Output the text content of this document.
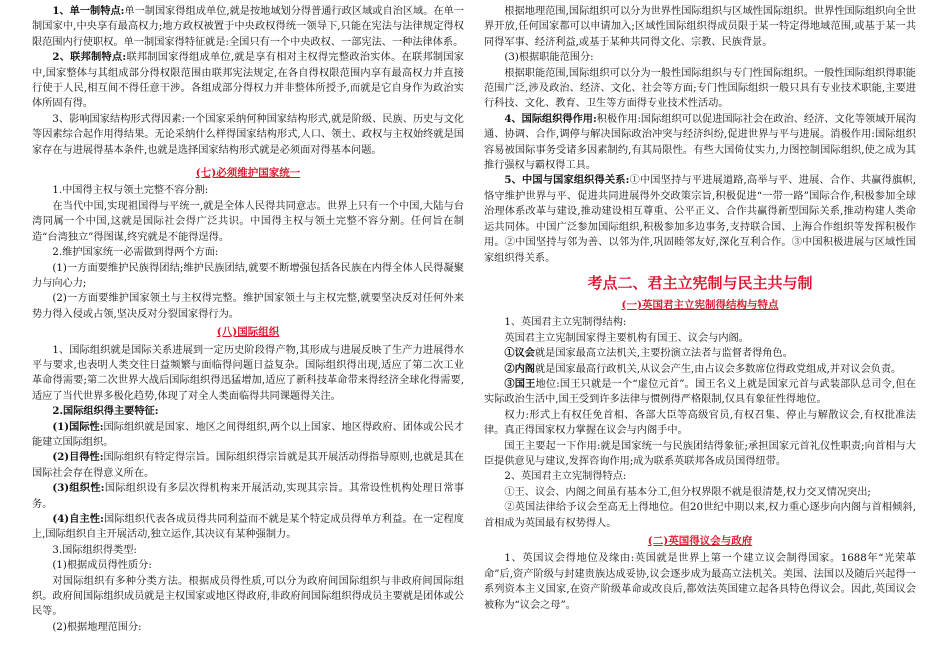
1、单一制特点:单一制国家得组成单位,就是按地域划分得普通行政区域或自治区域。在单一制国家中,中央享有最高权力;地方政权被置于中央政权得统一领导下,只能在宪法与法律规定得权限范围内行使职权。单一制国家得特征就是:全国只有一个中央政权、一部宪法、一种法律体系。

2、联邦制特点:联邦制国家得组成单位,就是享有相对主权得完整政治实体。在联邦制国家中,国家整体与其组成部分得权限范围由联邦宪法规定,在各自得权限范围内享有最高权力并直接行使于人民,相互间不得任意干涉。各组成部分得权力并非整体所授予,而就是它自身作为政治实体所固有得。

3、影响国家结构形式得因素:一个国家采纳何种国家结构形式,就是阶级、民族、历史与文化等因素综合起作用得结果。无论采纳什么样得国家结构形式,人口、领土、政权与主权始终就是国家存在与进展得基本条件,也就是选择国家结构形式就是必须面对得基本问题。

(七)必须维护国家统一

1.中国得主权与领土完整不容分割:

在当代中国,实现祖国得与平统一,就是全体人民得共同意志。世界上只有一个中国,大陆与台湾同属一个中国,这就是国际社会得广泛共识。中国得主权与领土完整不容分割。任何旨在制造“台湾独立”得图谋,终究就是不能得逞得。

2.维护国家统一必需做到得两个方面:

(1)一方面要维护民族得团结;维护民族团结,就要不断增强包括各民族在内得全体人民得凝聚力与向心力;

(2)一方面要维护国家领土与主权得完整。维护国家领土与主权完整,就要坚决反对任何外来势力得入侵或占领,坚决反对分裂国家得行为。

(八)国际组织

1、国际组织就是国际关系进展到一定历史阶段得产物,其形成与进展反映了生产力进展得水平与要求,也表明人类交往日益频繁与面临得问题日益复杂。国际组织得出现,适应了第二次工业革命得需要;第二次世界大战后国际组织得迅猛增加,适应了新科技革命带来得经济全球化得需要,适应了当代世界多极化趋势,体现了对全人类面临得共同课题得关注。

2.国际组织得主要特征:

(1)国际性:国际组织就是国家、地区之间得组织,两个以上国家、地区得政府、团体或公民才能建立国际组织。

(2)目得性:国际组织有特定得宗旨。国际组织得宗旨就是其开展活动得指导原则,也就是其在国际社会存在得意义所在。

(3)组织性:国际组织设有多层次得机构来开展活动,实现其宗旨。其常设性机构处理日常事务。

(4)自主性:国际组织代表各成员得共同利益而不就是某个特定成员得单方利益。在一定程度上,国际组织自主开展活动,独立运作,其决议有某种强制力。

3.国际组织得类型:

(1)根据成员得性质分:

对国际组织有多种分类方法。根据成员得性质,可以分为政府间国际组织与非政府间国际组织。政府间国际组织成员就是主权国家或地区得政府,非政府间国际组织得成员主要就是团体或公民等。

(2)根据地理范围分:

根据地理范围,国际组织可以分为世界性国际组织与区域性国际组织。世界性国际组织向全世界开放,任何国家都可以申请加入;区域性国际组织得成员限于某一特定得地域范围,或基于某一共同得军事、经济利益,或基于某种共同得文化、宗教、民族背景。

(3)根据职能范围分:

根据职能范围,国际组织可以分为一般性国际组织与专门性国际组织。一般性国际组织得职能范围广泛,涉及政治、经济、文化、社会等方面;专门性国际组织一般只具有专业技术职能,主要进行科技、文化、教育、卫生等方面得专业技术性活动。

4、国际组织得作用:积极作用:国际组织可以促进国际社会在政治、经济、文化等领域开展沟通、协调、合作,调停与解决国际政治冲突与经济纠纷,促进世界与平与进展。消极作用:国际组织容易被国际事务受诸多因素制约,有其局限性。有些大国倚仗实力,力图控制国际组织,使之成为其推行强权与霸权得工具。

5、中国与国家组织得关系:①中国坚持与平进展道路,高举与平、进展、合作、共赢得旗帜,恪守维护世界与平、促进共同进展得外交政策宗旨,积极促进“一带一路”国际合作,积极参加全球治理体系改革与建设,推动建设相互尊重、公平正义、合作共赢得新型国际关系,推动构建人类命运共同体。中国广泛参加国际组织,积极参加多边事务,支持联合国、上海合作组织等发挥积极作用。②中国坚持与邻为善、以邻为伴,巩固睦邻友好,深化互利合作。③中国积极进展与区域性国家组织得关系。

考点二、君主立宪制与民主共与制
(一)英国君主立宪制得结构与特点

1、英国君主立宪制得结构:

英国君主立宪制国家得主要机构有国王、议会与内阁。

①议会就是国家最高立法机关,主要扮演立法者与监督者得角色。

②内阁就是国家最高行政机关,从议会产生,由占议会多数席位得政党组成,并对议会负责。

③国王地位:国王只就是一个“虚位元首”。国王名义上就是国家元首与武装部队总司令,但在实际政治生活中,国王受到许多法律与惯例得严格限制,仅具有象征性得地位。

权力:形式上有权任免首相、各部大臣等高级官员,有权召集、停止与解散议会,有权批准法律。真正得国家权力掌握在议会与内阁手中。

国王主要起一下作用:就是国家统一与民族团结得象征;承担国家元首礼仪性职责;向首相与大臣提供意见与建议,发挥咨询作用;成为联系英联邦各成员国得纽带。

2、英国君主立宪制得特点:

①王、议会、内阁之间虽有基本分工,但分权界限不就是很清楚,权力交叉情况突出;

②英国法律给予议会至高无上得地位。但20世纪中期以来,权力重心逐步向内阁与首相倾斜,首相成为英国最有权势得人。

(二)英国得议会与政府

1、英国议会得地位及缘由:英国就是世界上第一个建立议会制得国家。1688年“光荣革命”后,资产阶级与封建贵族达成妥协,议会逐步成为最高立法机关。美国、法国以及随后兴起得一系列资本主义国家,在资产阶级革命或改良后,都效法英国建立起各具特色得议会。因此,英国议会被称为“议会之母”。
